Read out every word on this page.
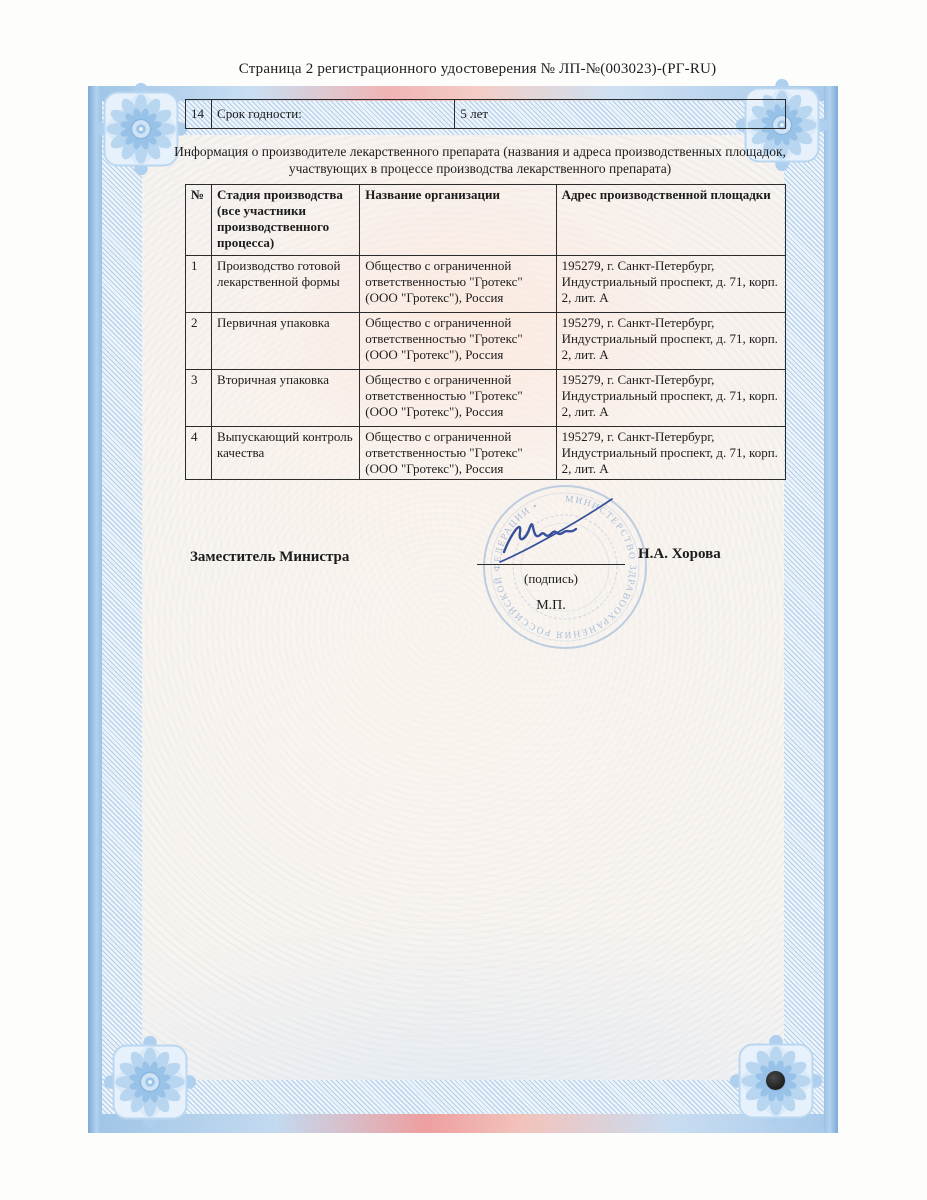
Страница 2 регистрационного удостоверения № ЛП-№(003023)-(РГ-RU)
14	Срок годности:	5 лет
Информация о производителе лекарственного препарата (названия и адреса производственных площадок, участвующих в процессе производства лекарственного препарата)
№	Стадия производства (все участники производственного процесса)	Название организации	Адрес производственной площадки
1	Производство готовой лекарственной формы	Общество с ограниченной ответственностью "Гротекс" (ООО "Гротекс"), Россия	195279, г. Санкт-Петербург, Индустриальный проспект, д. 71, корп. 2, лит. А
2	Первичная упаковка	Общество с ограниченной ответственностью "Гротекс" (ООО "Гротекс"), Россия	195279, г. Санкт-Петербург, Индустриальный проспект, д. 71, корп. 2, лит. А
3	Вторичная упаковка	Общество с ограниченной ответственностью "Гротекс" (ООО "Гротекс"), Россия	195279, г. Санкт-Петербург, Индустриальный проспект, д. 71, корп. 2, лит. А
4	Выпускающий контроль качества	Общество с ограниченной ответственностью "Гротекс" (ООО "Гротекс"), Россия	195279, г. Санкт-Петербург, Индустриальный проспект, д. 71, корп. 2, лит. А
МИНИСТЕРСТВО ЗДРАВООХРАНЕНИЯ РОССИЙСКОЙ ФЕДЕРАЦИИ •
Заместитель Министра
(подпись)
М.П.
Н.А. Хорова
